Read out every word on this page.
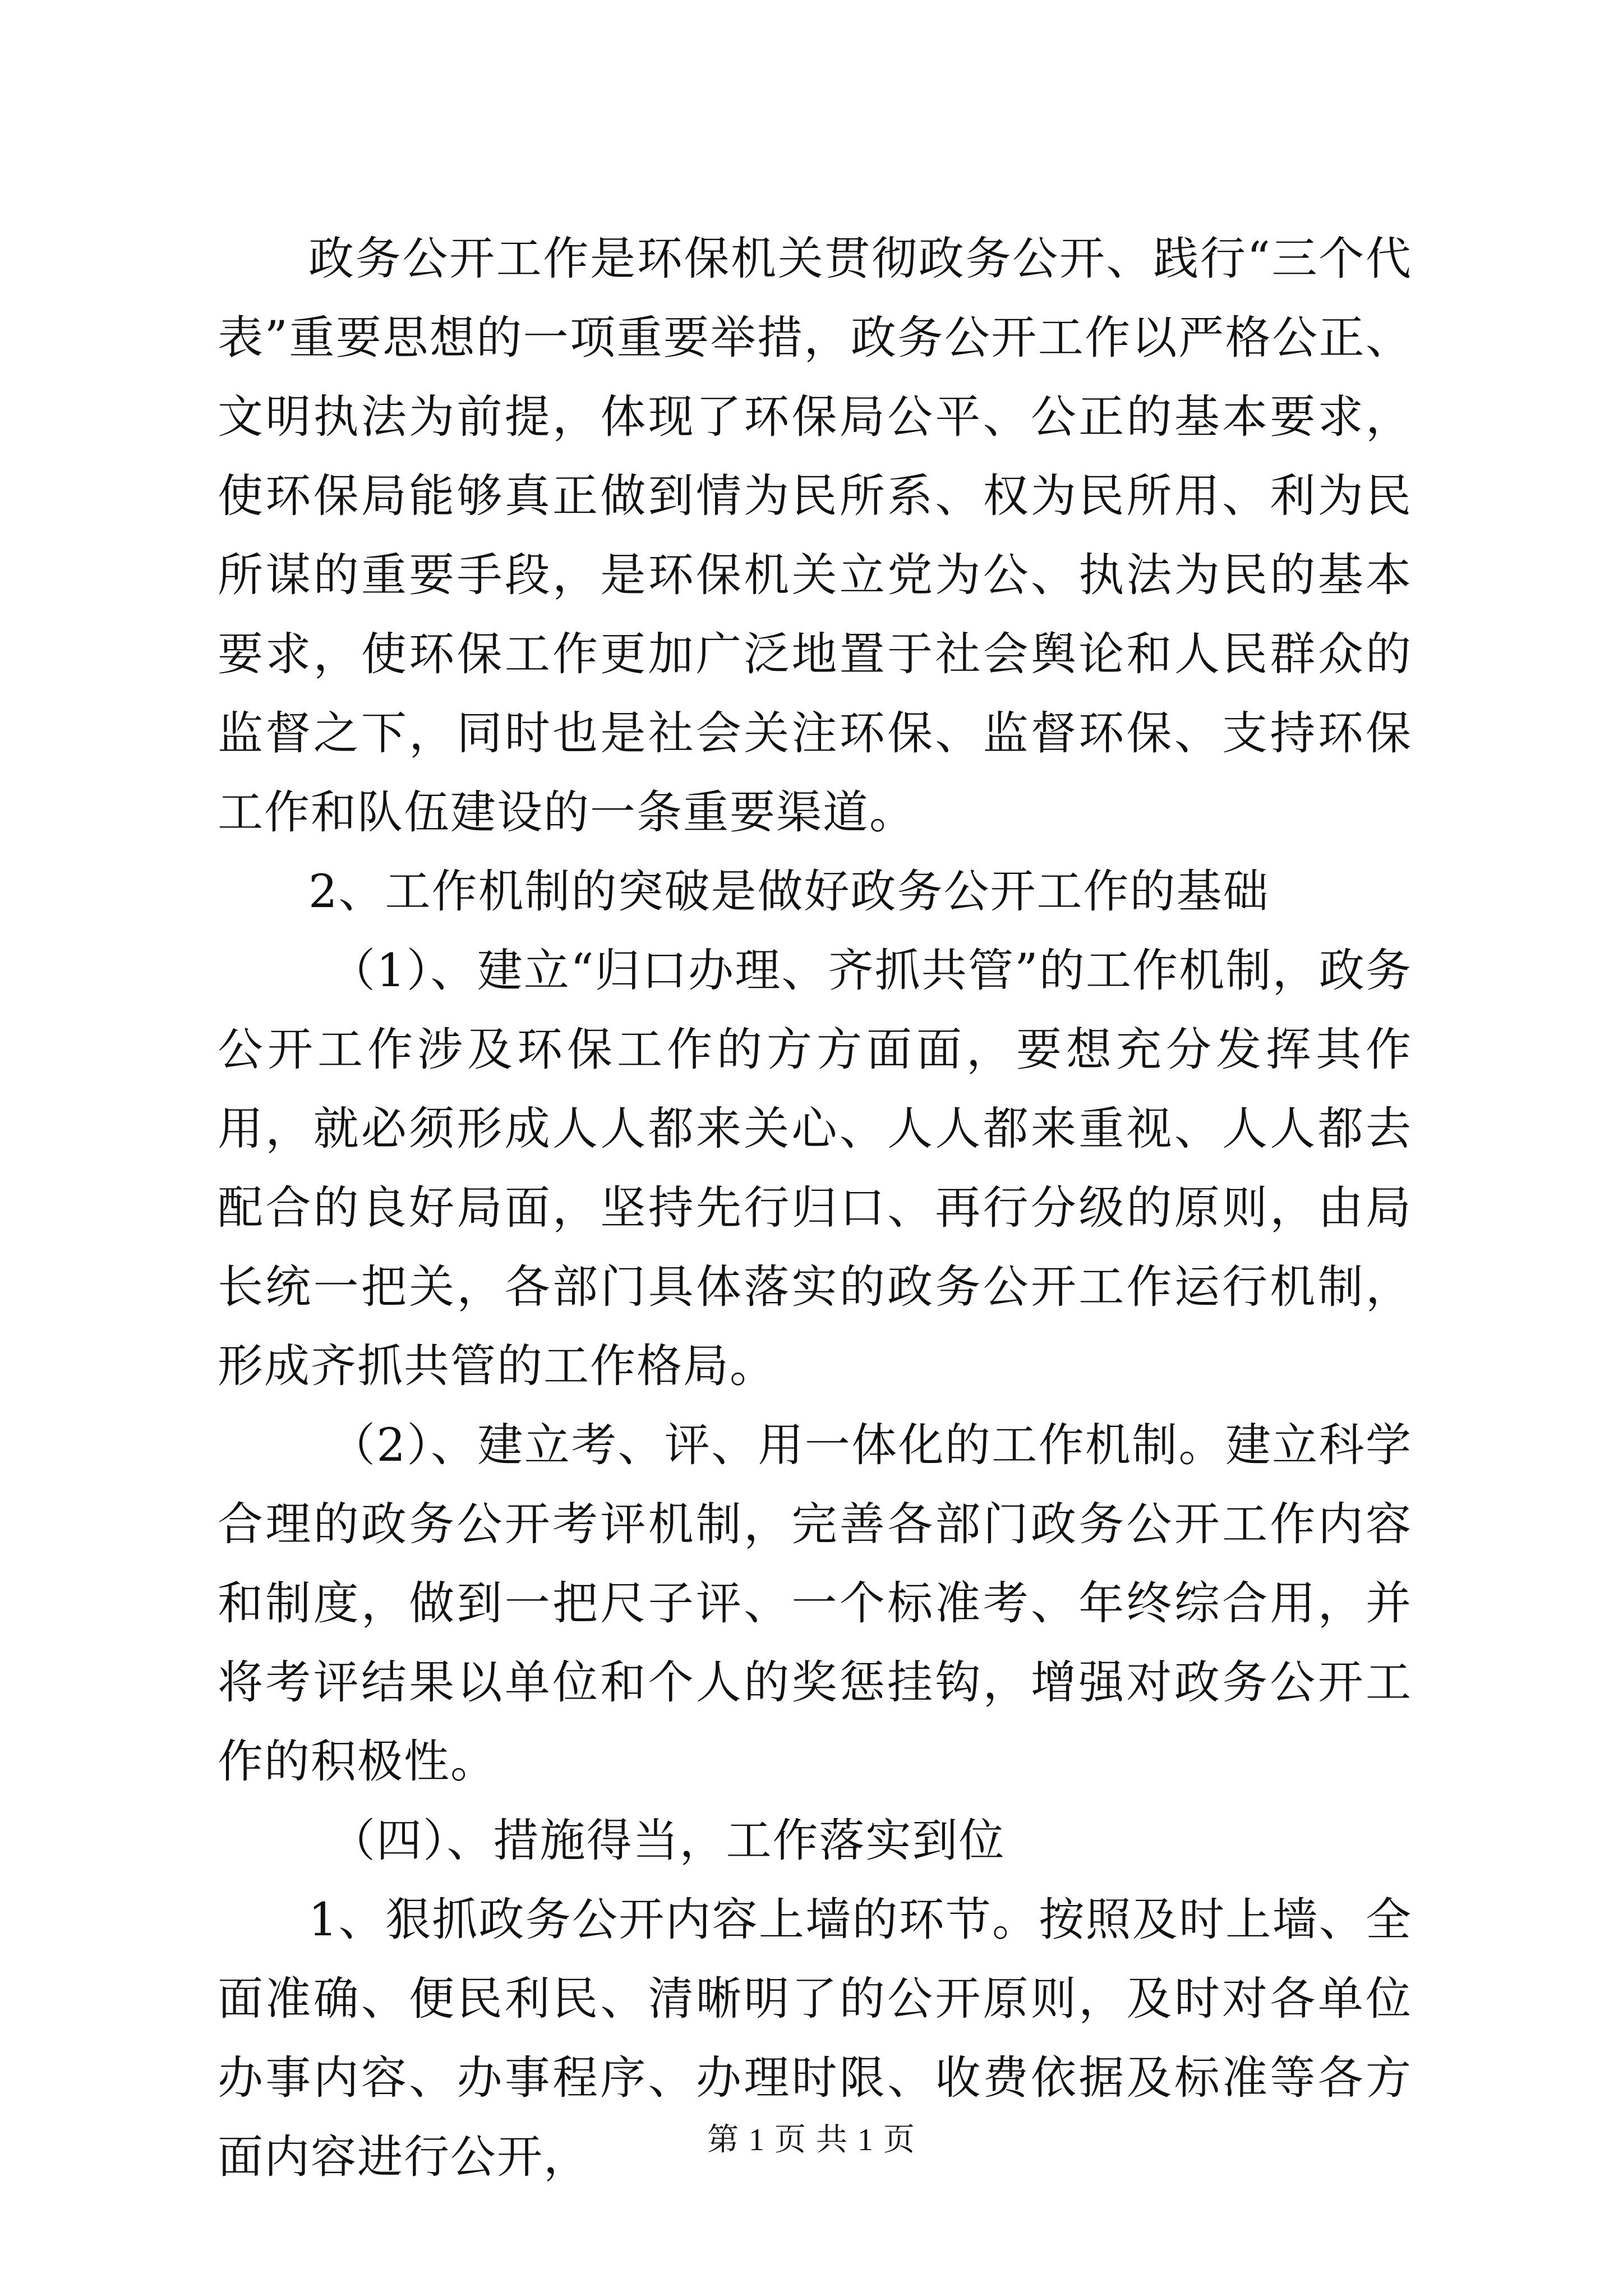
政务公开工作是环保机关贯彻政务公开、践行“三个代表”重要思想的一项重要举措，政务公开工作以严格公正、文明执法为前提，体现了环保局公平、公正的基本要求，使环保局能够真正做到情为民所系、权为民所用、利为民所谋的重要手段，是环保机关立党为公、执法为民的基本要求，使环保工作更加广泛地置于社会舆论和人民群众的监督之下，同时也是社会关注环保、监督环保、支持环保工作和队伍建设的一条重要渠道。

2、工作机制的突破是做好政务公开工作的基础

（1）、建立“归口办理、齐抓共管”的工作机制，政务公开工作涉及环保工作的方方面面，要想充分发挥其作用，就必须形成人人都来关心、人人都来重视、人人都去配合的良好局面，坚持先行归口、再行分级的原则，由局长统一把关，各部门具体落实的政务公开工作运行机制，形成齐抓共管的工作格局。

（2）、建立考、评、用一体化的工作机制。建立科学合理的政务公开考评机制，完善各部门政务公开工作内容和制度，做到一把尺子评、一个标准考、年终综合用，并将考评结果以单位和个人的奖惩挂钩，增强对政务公开工作的积极性。

（四）、措施得当，工作落实到位

1、狠抓政务公开内容上墙的环节。按照及时上墙、全面准确、便民利民、清晰明了的公开原则，及时对各单位办事内容、办事程序、办理时限、收费依据及标准等各方面内容进行公开，	第 1 页 共 1 页
